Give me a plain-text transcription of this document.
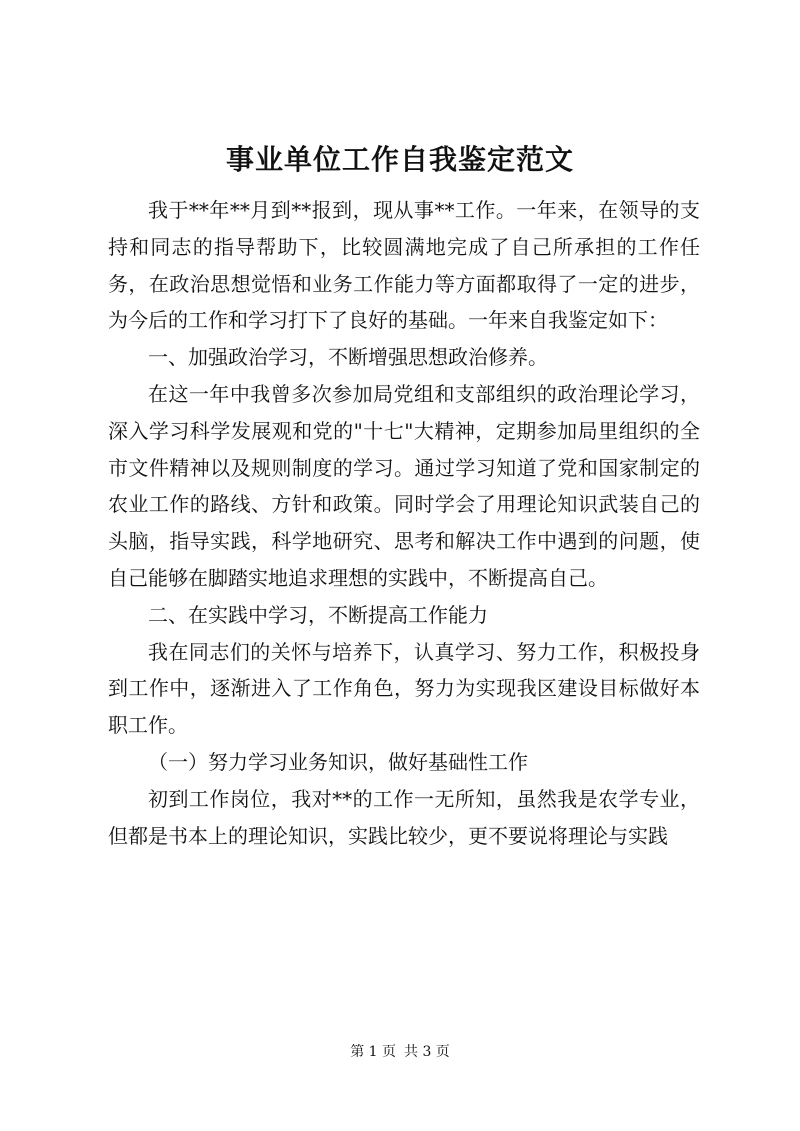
事业单位工作自我鉴定范文

我于**年**月到**报到，现从事**工作。一年来，在领导的支持和同志的指导帮助下，比较圆满地完成了自己所承担的工作任务，在政治思想觉悟和业务工作能力等方面都取得了一定的进步，为今后的工作和学习打下了良好的基础。一年来自我鉴定如下：

一、加强政治学习，不断增强思想政治修养。

在这一年中我曾多次参加局党组和支部组织的政治理论学习，深入学习科学发展观和党的"十七"大精神，定期参加局里组织的全市文件精神以及规则制度的学习。通过学习知道了党和国家制定的农业工作的路线、方针和政策。同时学会了用理论知识武装自己的头脑，指导实践，科学地研究、思考和解决工作中遇到的问题，使自己能够在脚踏实地追求理想的实践中，不断提高自己。

二、在实践中学习，不断提高工作能力

我在同志们的关怀与培养下，认真学习、努力工作，积极投身到工作中，逐渐进入了工作角色，努力为实现我区建设目标做好本职工作。

（一）努力学习业务知识，做好基础性工作

初到工作岗位，我对**的工作一无所知，虽然我是农学专业，但都是书本上的理论知识，实践比较少，更不要说将理论与实践

第 1 页 共 3 页
